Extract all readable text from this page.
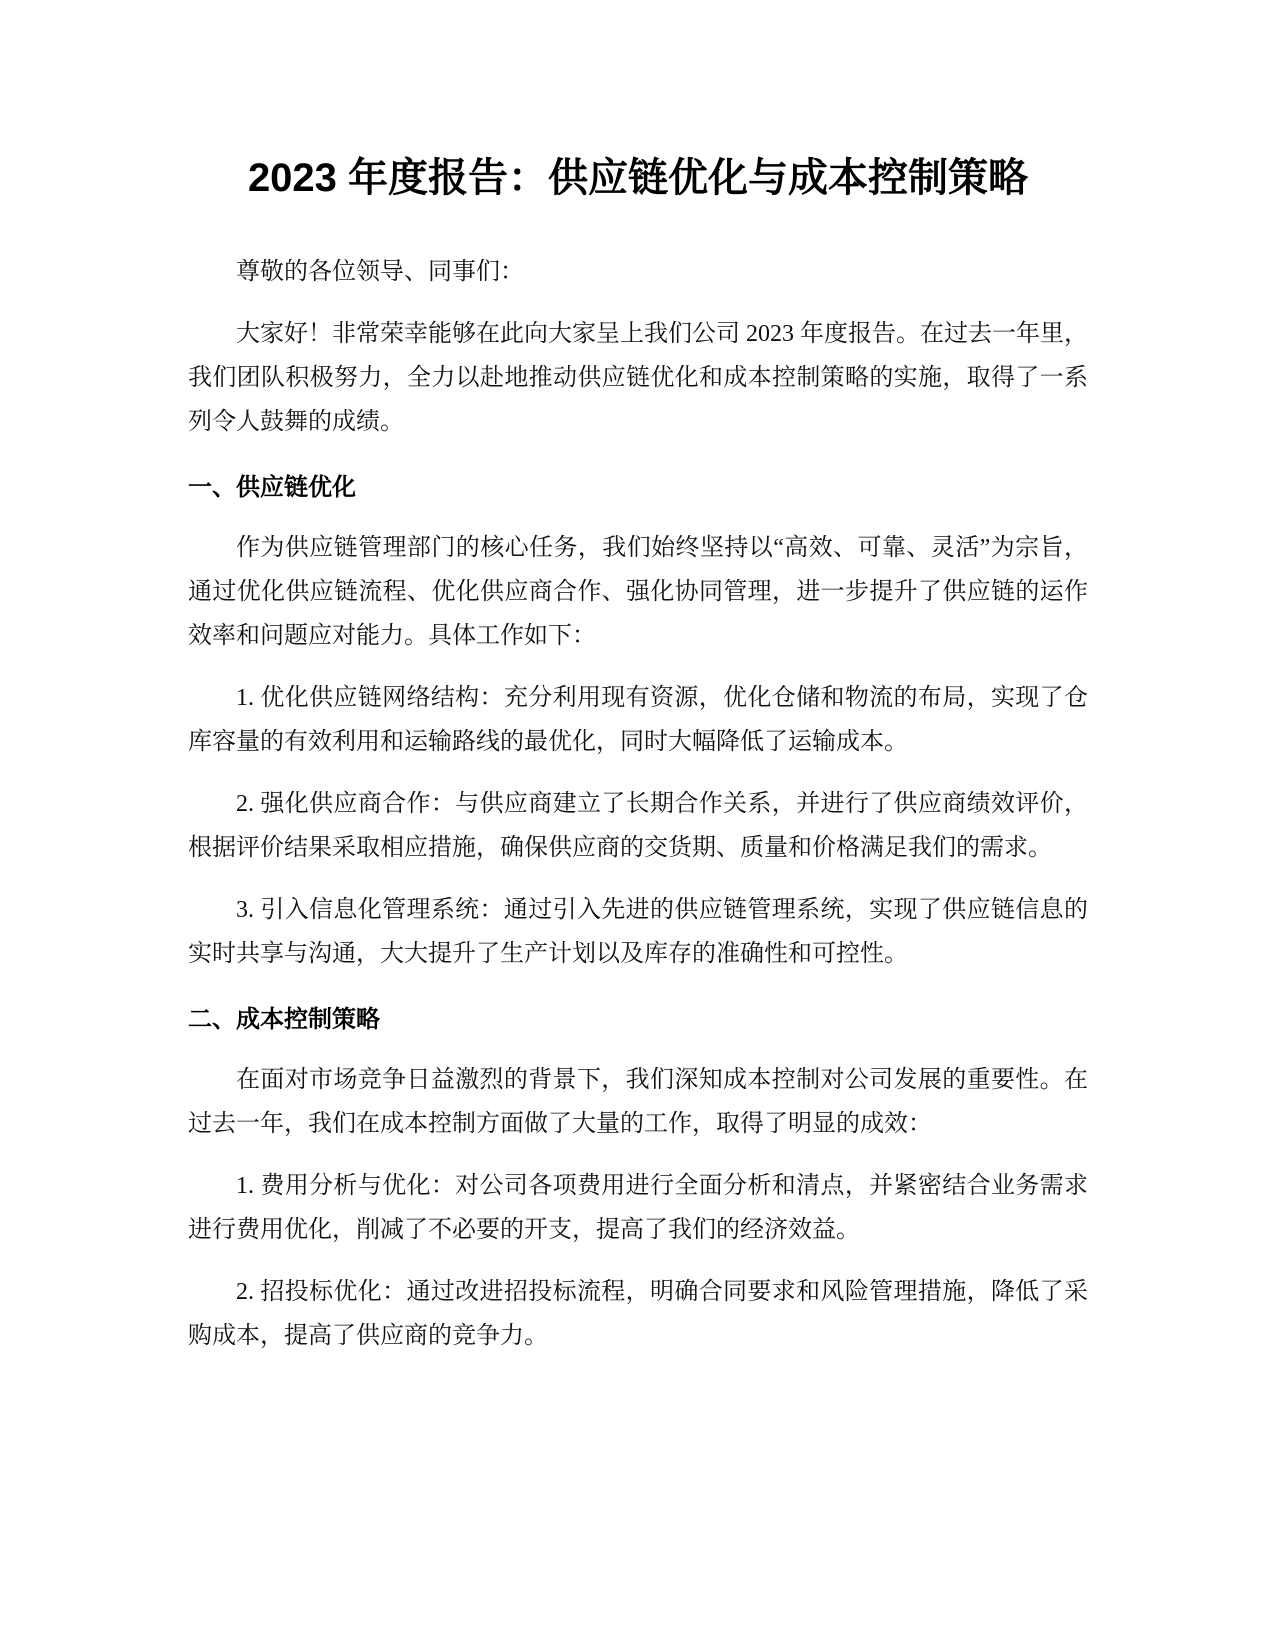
2023 年度报告：供应链优化与成本控制策略

尊敬的各位领导、同事们：

大家好！非常荣幸能够在此向大家呈上我们公司 2023 年度报告。在过去一年里，我们团队积极努力，全力以赴地推动供应链优化和成本控制策略的实施，取得了一系列令人鼓舞的成绩。

一、供应链优化

作为供应链管理部门的核心任务，我们始终坚持以“高效、可靠、灵活”为宗旨，通过优化供应链流程、优化供应商合作、强化协同管理，进一步提升了供应链的运作效率和问题应对能力。具体工作如下：

1. 优化供应链网络结构：充分利用现有资源，优化仓储和物流的布局，实现了仓库容量的有效利用和运输路线的最优化，同时大幅降低了运输成本。

2. 强化供应商合作：与供应商建立了长期合作关系，并进行了供应商绩效评价，根据评价结果采取相应措施，确保供应商的交货期、质量和价格满足我们的需求。

3. 引入信息化管理系统：通过引入先进的供应链管理系统，实现了供应链信息的实时共享与沟通，大大提升了生产计划以及库存的准确性和可控性。

二、成本控制策略

在面对市场竞争日益激烈的背景下，我们深知成本控制对公司发展的重要性。在过去一年，我们在成本控制方面做了大量的工作，取得了明显的成效：

1. 费用分析与优化：对公司各项费用进行全面分析和清点，并紧密结合业务需求进行费用优化，削减了不必要的开支，提高了我们的经济效益。

2. 招投标优化：通过改进招投标流程，明确合同要求和风险管理措施，降低了采购成本，提高了供应商的竞争力。
